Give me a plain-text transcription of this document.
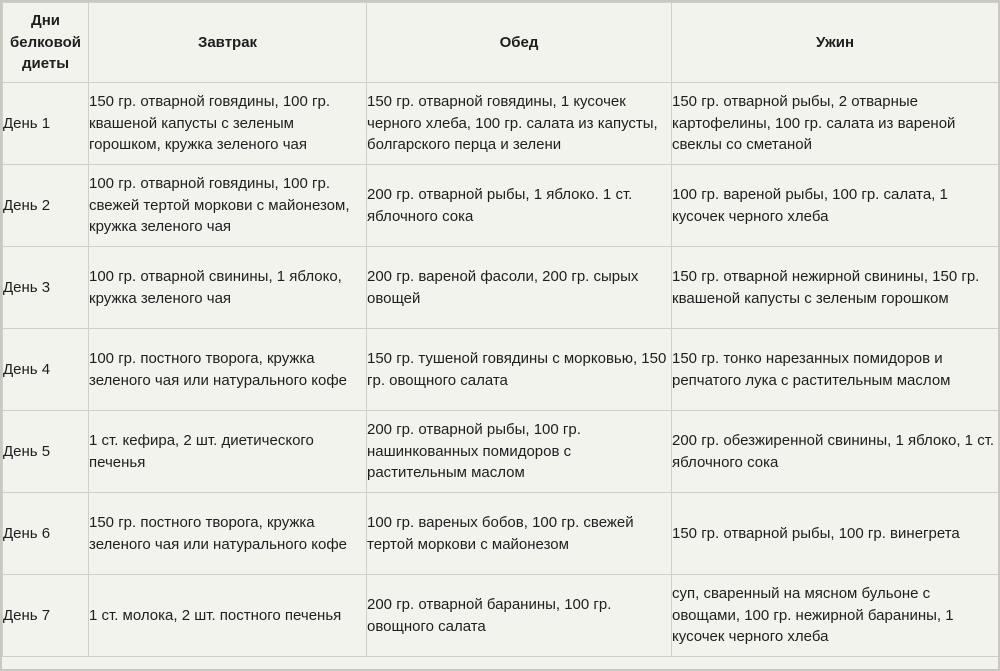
Дни белковой диеты	Завтрак	Обед	Ужин
День 1	150 гр. отварной говядины, 100 гр. квашеной капусты с зеленым горошком, кружка зеленого чая	150 гр. отварной говядины, 1 кусочек черного хлеба, 100 гр. салата из капусты, болгарского перца и зелени	150 гр. отварной рыбы, 2 отварные картофелины, 100 гр. салата из вареной свеклы со сметаной
День 2	100 гр. отварной говядины, 100 гр. свежей тертой моркови с майонезом, кружка зеленого чая	200 гр. отварной рыбы, 1 яблоко. 1 ст. яблочного сока	100 гр. вареной рыбы, 100 гр. салата, 1 кусочек черного хлеба
День 3	100 гр. отварной свинины, 1 яблоко, кружка зеленого чая	200 гр. вареной фасоли, 200 гр. сырых овощей	150 гр. отварной нежирной свинины, 150 гр. квашеной капусты с зеленым горошком
День 4	100 гр. постного творога, кружка зеленого чая или натурального кофе	150 гр. тушеной говядины с морковью, 150 гр. овощного салата	150 гр. тонко нарезанных помидоров и репчатого лука с растительным маслом
День 5	1 ст. кефира, 2 шт. диетического печенья	200 гр. отварной рыбы, 100 гр. нашинкованных помидоров с растительным маслом	200 гр. обезжиренной свинины, 1 яблоко, 1 ст. яблочного сока
День 6	150 гр. постного творога, кружка зеленого чая или натурального кофе	100 гр. вареных бобов, 100 гр. свежей тертой моркови с майонезом	150 гр. отварной рыбы, 100 гр. винегрета
День 7	1 ст. молока, 2 шт. постного печенья	200 гр. отварной баранины, 100 гр. овощного салата	суп, сваренный на мясном бульоне с овощами, 100 гр. нежирной баранины, 1 кусочек черного хлеба
